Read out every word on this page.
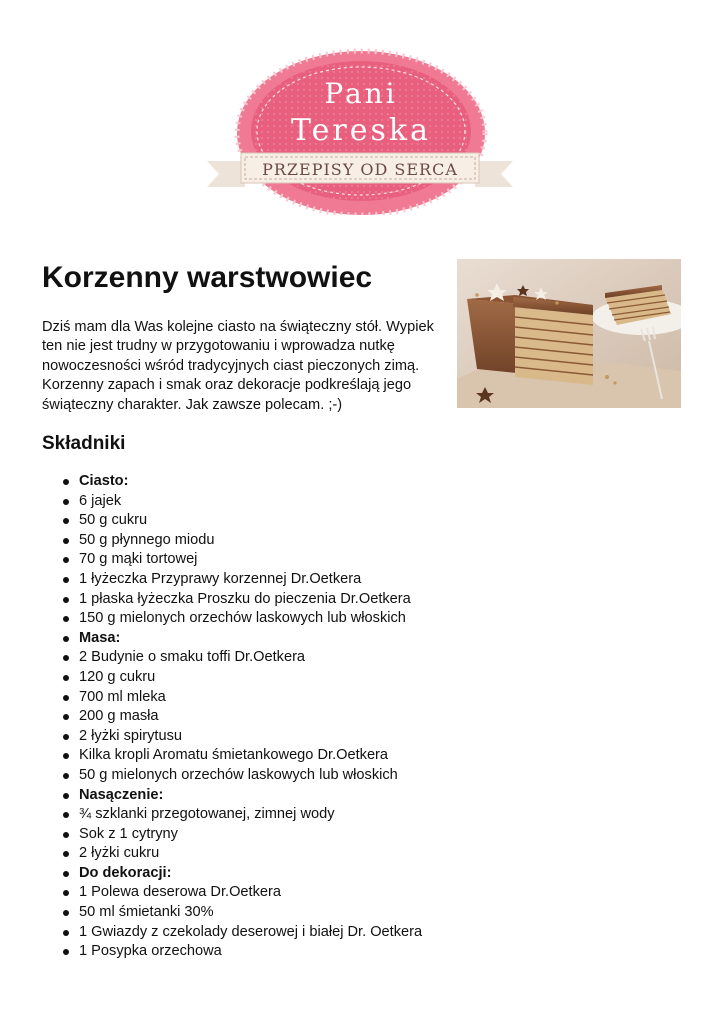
Pani
Tereska
PRZEPISY OD SERCA
Korzenny warstwowiec

Dziś mam dla Was kolejne ciasto na świąteczny stół. Wypiek ten nie jest trudny w przygotowaniu i wprowadza nutkę nowoczesności wśród tradycyjnych ciast pieczonych zimą. Korzenny zapach i smak oraz dekoracje podkreślają jego świąteczny charakter. Jak zawsze polecam. ;-)

Składniki
Ciasto:
6 jajek
50 g cukru
50 g płynnego miodu
70 g mąki tortowej
1 łyżeczka Przyprawy korzennej Dr.Oetkera
1 płaska łyżeczka Proszku do pieczenia Dr.Oetkera
150 g mielonych orzechów laskowych lub włoskich
Masa:
2 Budynie o smaku toffi Dr.Oetkera
120 g cukru
700 ml mleka
200 g masła
2 łyżki spirytusu
Kilka kropli Aromatu śmietankowego Dr.Oetkera
50 g mielonych orzechów laskowych lub włoskich
Nasączenie:
¾ szklanki przegotowanej, zimnej wody
Sok z 1 cytryny
2 łyżki cukru
Do dekoracji:
1 Polewa deserowa Dr.Oetkera
50 ml śmietanki 30%
1 Gwiazdy z czekolady deserowej i białej Dr. Oetkera
1 Posypka orzechowa
